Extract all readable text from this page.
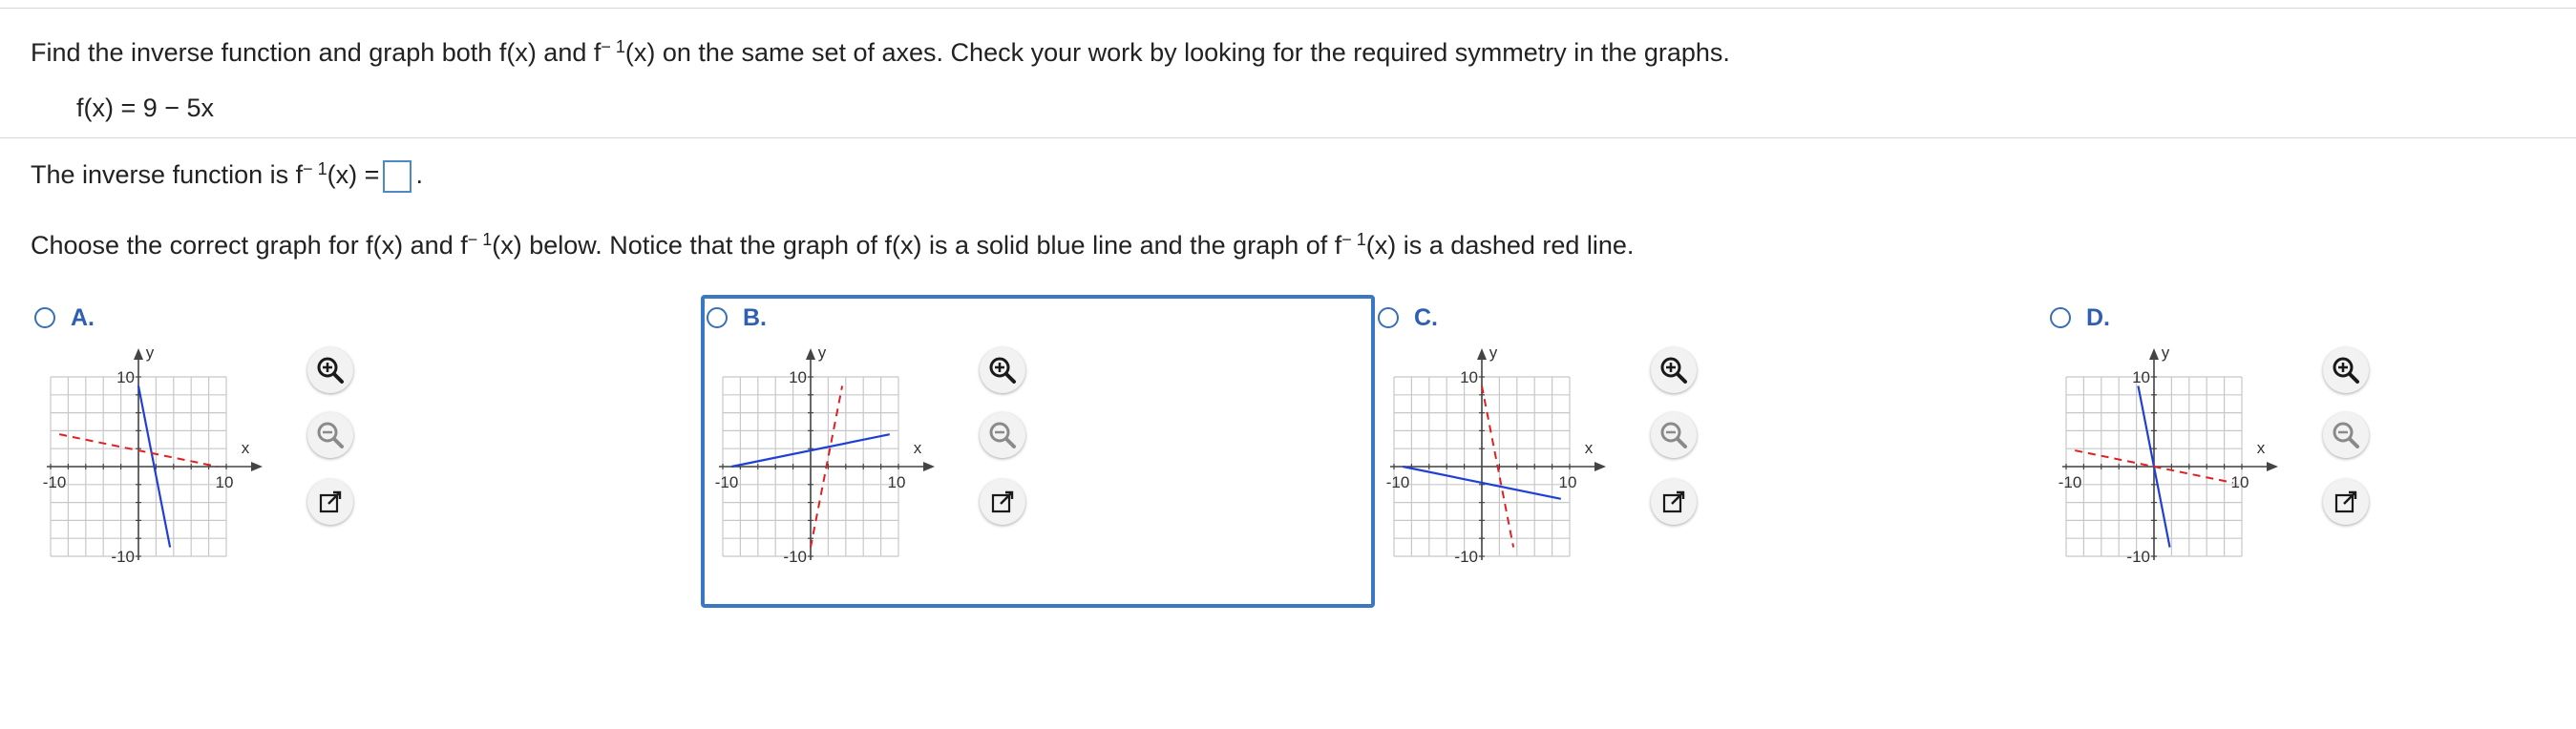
Find the inverse function and graph both f(x) and $f^{- 1}(x)$ on the same set of axes. Check your work by looking for the required symmetry in the graphs.
f(x) = 9 − 5x
The inverse function is $f^{- 1}(x)$ = .
Choose the correct graph for f(x) and $f^{- 1}(x)$ below. Notice that the graph of f(x) is a solid blue line and the graph of $f^{- 1}(x)$ is a dashed red line.
A.
x
y
-10	10
10
-10
B.
x
y
-10	10
10
-10
C.
x
y
-10	10
10
-10
D.
x
y
-10	10
10
-10
